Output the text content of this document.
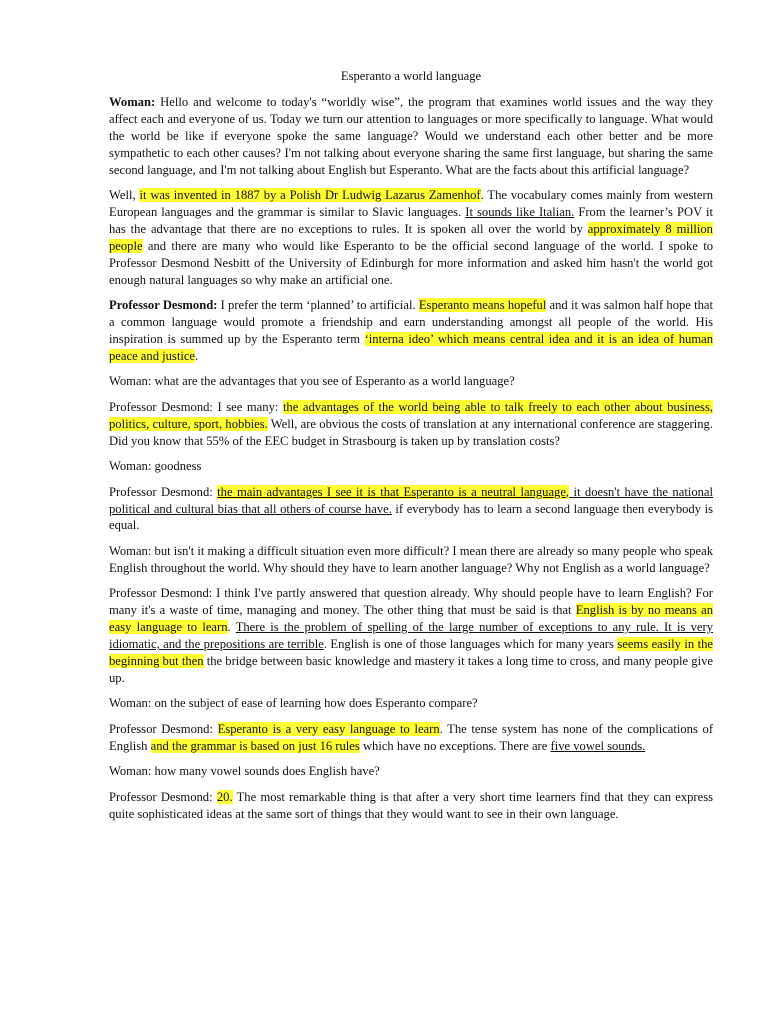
Esperanto a world language

Woman: Hello and welcome to today's “worldly wise”, the program that examines world issues and the way they affect each and everyone of us. Today we turn our attention to languages or more specifically to language. What would the world be like if everyone spoke the same language? Would we understand each other better and be more sympathetic to each other causes? I'm not talking about everyone sharing the same first language, but sharing the same second language, and I'm not talking about English but Esperanto. What are the facts about this artificial language?

Well, it was invented in 1887 by a Polish Dr Ludwig Lazarus Zamenhof. The vocabulary comes mainly from western European languages and the grammar is similar to Slavic languages. It sounds like Italian. From the learner’s POV it has the advantage that there are no exceptions to rules. It is spoken all over the world by approximately 8 million people and there are many who would like Esperanto to be the official second language of the world. I spoke to Professor Desmond Nesbitt of the University of Edinburgh for more information and asked him hasn't the world got enough natural languages so why make an artificial one.

Professor Desmond: I prefer the term ‘planned’ to artificial. Esperanto means hopeful and it was salmon half hope that a common language would promote a friendship and earn understanding amongst all people of the world. His inspiration is summed up by the Esperanto term ‘interna ideo’ which means central idea and it is an idea of human peace and justice.

Woman: what are the advantages that you see of Esperanto as a world language?

Professor Desmond: I see many: the advantages of the world being able to talk freely to each other about business, politics, culture, sport, hobbies. Well, are obvious the costs of translation at any international conference are staggering. Did you know that 55% of the EEC budget in Strasbourg is taken up by translation costs?

Woman: goodness

Professor Desmond: the main advantages I see it is that Esperanto is a neutral language, it doesn't have the national political and cultural bias that all others of course have. if everybody has to learn a second language then everybody is equal.

Woman: but isn't it making a difficult situation even more difficult? I mean there are already so many people who speak English throughout the world. Why should they have to learn another language? Why not English as a world language?

Professor Desmond: I think I've partly answered that question already. Why should people have to learn English? For many it's a waste of time, managing and money. The other thing that must be said is that English is by no means an easy language to learn. There is the problem of spelling of the large number of exceptions to any rule. It is very idiomatic, and the prepositions are terrible. English is one of those languages which for many years seems easily in the beginning but then the bridge between basic knowledge and mastery it takes a long time to cross, and many people give up.

Woman: on the subject of ease of learning how does Esperanto compare?

Professor Desmond: Esperanto is a very easy language to learn. The tense system has none of the complications of English and the grammar is based on just 16 rules which have no exceptions. There are five vowel sounds.

Woman: how many vowel sounds does English have?

Professor Desmond: 20. The most remarkable thing is that after a very short time learners find that they can express quite sophisticated ideas at the same sort of things that they would want to see in their own language.
